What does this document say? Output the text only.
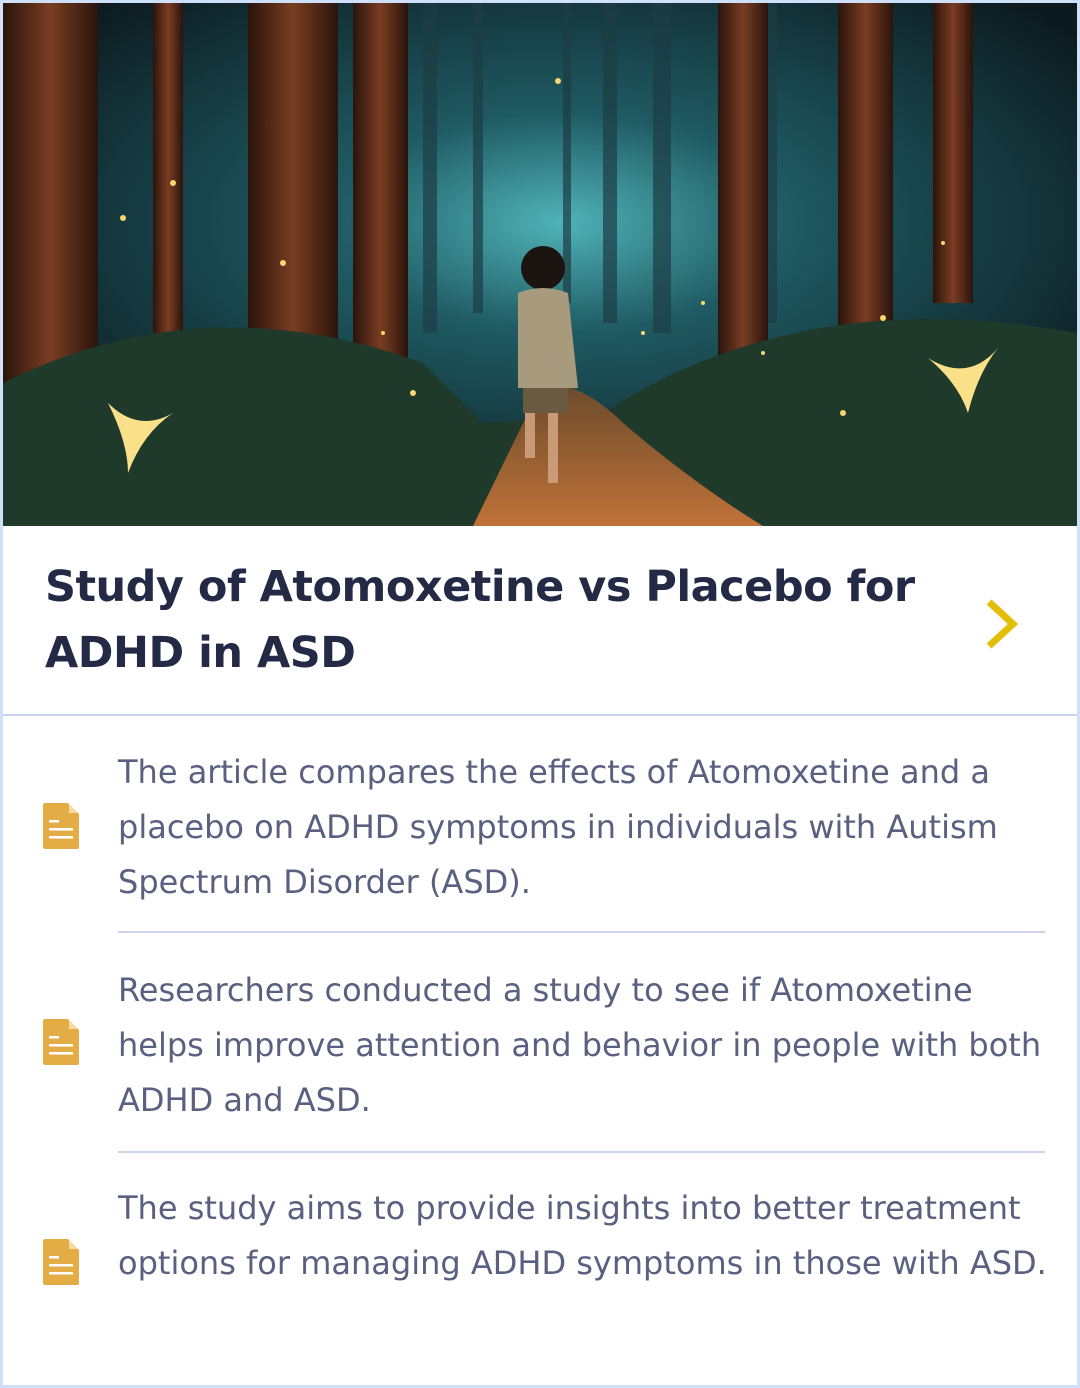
Study of Atomoxetine vs Placebo for ADHD in ASD
The article compares the effects of Atomoxetine and a placebo on ADHD symptoms in individuals with Autism Spectrum Disorder (ASD).
Researchers conducted a study to see if Atomoxetine helps improve attention and behavior in people with both ADHD and ASD.
The study aims to provide insights into better treatment options for managing ADHD symptoms in those with ASD.
